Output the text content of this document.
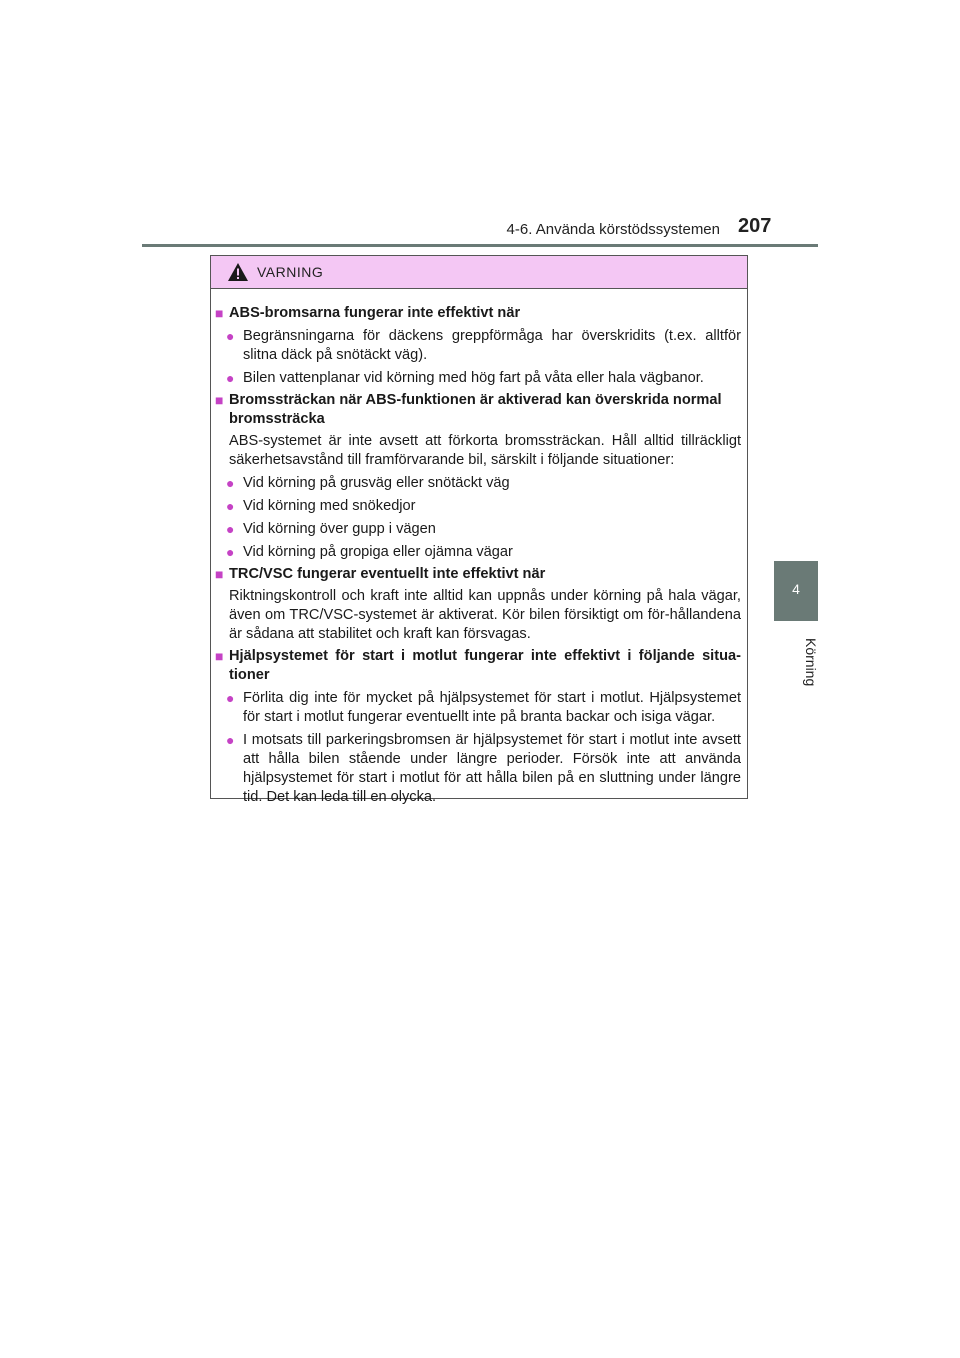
4-6. Använda körstödssystemen 207
4
Körning
VARNING
■ ABS-bromsarna fungerar inte effektivt när
● Begränsningarna för däckens greppförmåga har överskridits (t.ex. alltför slitna däck på snötäckt väg).
● Bilen vattenplanar vid körning med hög fart på våta eller hala vägbanor.
■ Bromssträckan när ABS-funktionen är aktiverad kan överskrida normal bromssträcka
ABS-systemet är inte avsett att förkorta bromssträckan. Håll alltid tillräckligt säkerhetsavstånd till framförvarande bil, särskilt i följande situationer:
● Vid körning på grusväg eller snötäckt väg
● Vid körning med snökedjor
● Vid körning över gupp i vägen
● Vid körning på gropiga eller ojämna vägar
■ TRC/VSC fungerar eventuellt inte effektivt när
Riktningskontroll och kraft inte alltid kan uppnås under körning på hala vägar, även om TRC/VSC-systemet är aktiverat. Kör bilen försiktigt om för-hållandena är sådana att stabilitet och kraft kan försvagas.
■ Hjälpsystemet för start i motlut fungerar inte effektivt i följande situa-tioner
● Förlita dig inte för mycket på hjälpsystemet för start i motlut. Hjälpsystemet för start i motlut fungerar eventuellt inte på branta backar och isiga vägar.
● I motsats till parkeringsbromsen är hjälpsystemet för start i motlut inte avsett att hålla bilen stående under längre perioder. Försök inte att använda hjälpsystemet för start i motlut för att hålla bilen på en sluttning under längre tid. Det kan leda till en olycka.
